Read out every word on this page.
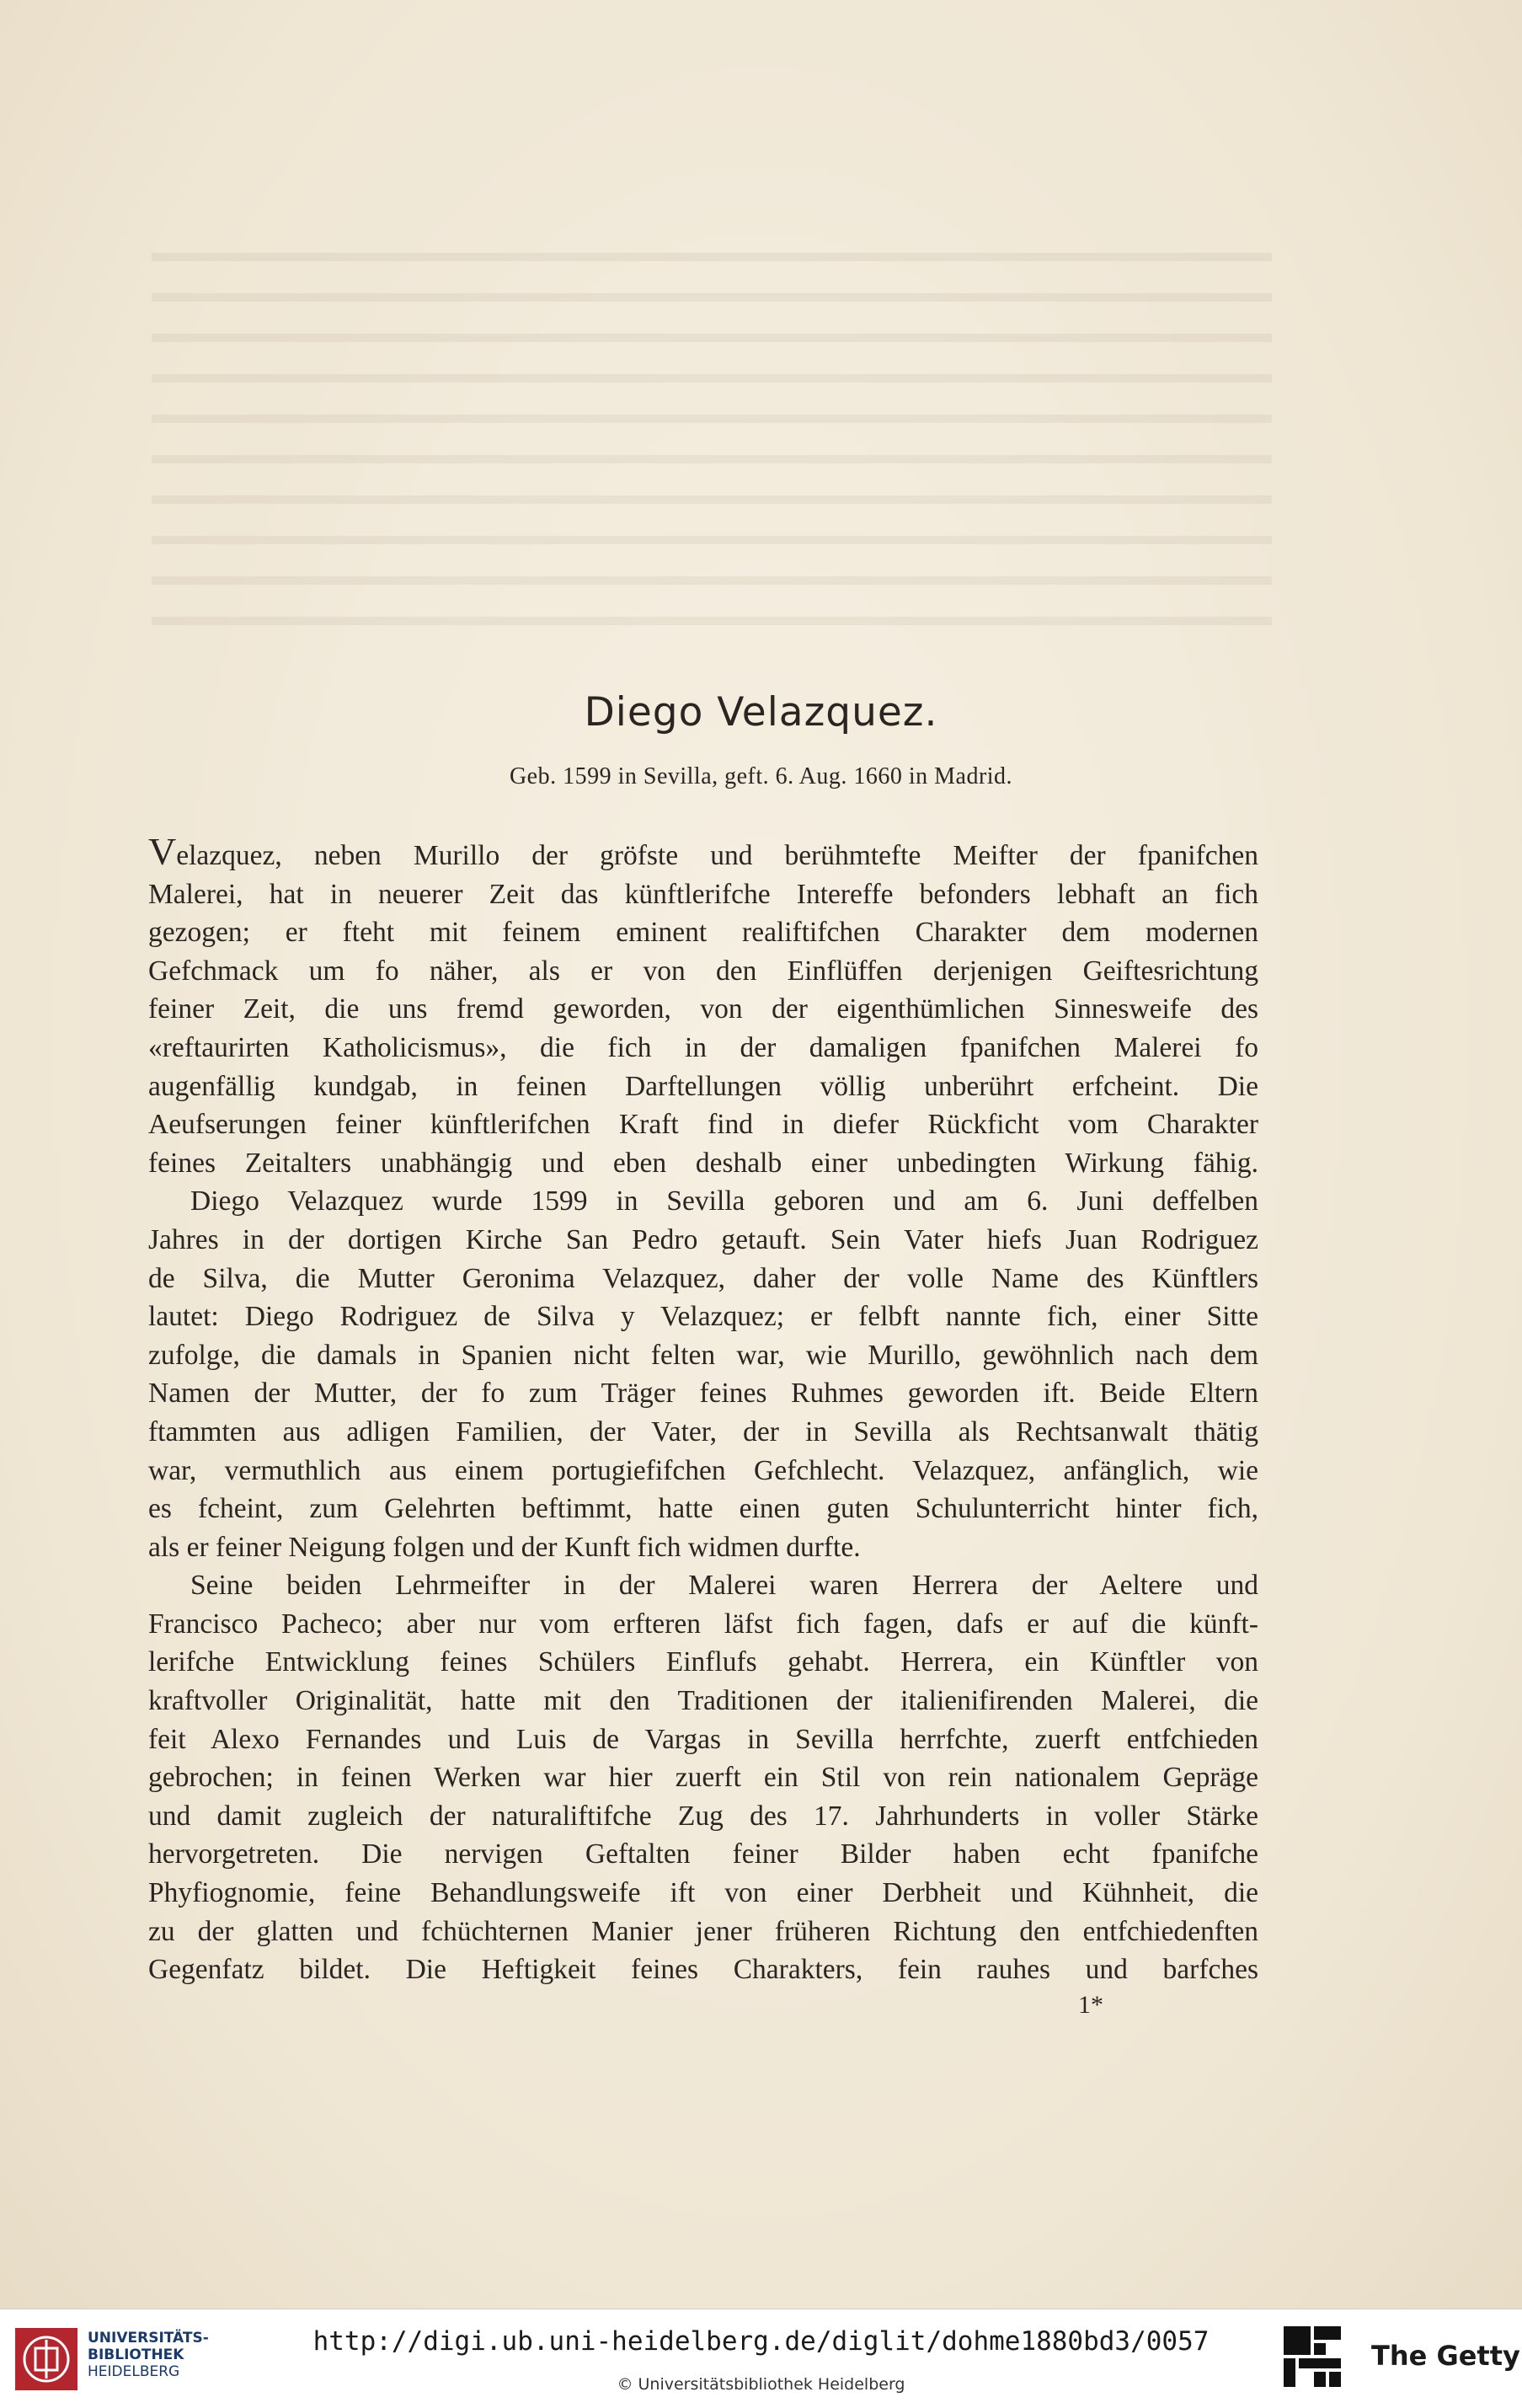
Diego Velazquez.
Geb. 1599 in Sevilla, geft. 6. Aug. 1660 in Madrid.

Velazquez, neben Murillo der gröfste und berühmtefte Meifter der fpanifchen
Malerei, hat in neuerer Zeit das künftlerifche Intereffe befonders lebhaft an fich
gezogen; er fteht mit feinem eminent realiftifchen Charakter dem modernen
Gefchmack um fo näher, als er von den Einflüffen derjenigen Geiftesrichtung
feiner Zeit, die uns fremd geworden, von der eigenthümlichen Sinnesweife des
«reftaurirten Katholicismus», die fich in der damaligen fpanifchen Malerei fo
augenfällig kundgab, in feinen Darftellungen völlig unberührt erfcheint. Die
Aeufserungen feiner künftlerifchen Kraft find in diefer Rückficht vom Charakter
feines Zeitalters unabhängig und eben deshalb einer unbedingten Wirkung fähig.

Diego Velazquez wurde 1599 in Sevilla geboren und am 6. Juni deffelben
Jahres in der dortigen Kirche San Pedro getauft. Sein Vater hiefs Juan Rodriguez
de Silva, die Mutter Geronima Velazquez, daher der volle Name des Künftlers
lautet: Diego Rodriguez de Silva y Velazquez; er felbft nannte fich, einer Sitte
zufolge, die damals in Spanien nicht felten war, wie Murillo, gewöhnlich nach dem
Namen der Mutter, der fo zum Träger feines Ruhmes geworden ift. Beide Eltern
ftammten aus adligen Familien, der Vater, der in Sevilla als Rechtsanwalt thätig
war, vermuthlich aus einem portugiefifchen Gefchlecht. Velazquez, anfänglich, wie
es fcheint, zum Gelehrten beftimmt, hatte einen guten Schulunterricht hinter fich,
als er feiner Neigung folgen und der Kunft fich widmen durfte.

Seine beiden Lehrmeifter in der Malerei waren Herrera der Aeltere und
Francisco Pacheco; aber nur vom erfteren läfst fich fagen, dafs er auf die künft-
lerifche Entwicklung feines Schülers Einflufs gehabt. Herrera, ein Künftler von
kraftvoller Originalität, hatte mit den Traditionen der italienifirenden Malerei, die
feit Alexo Fernandes und Luis de Vargas in Sevilla herrfchte, zuerft entfchieden
gebrochen; in feinen Werken war hier zuerft ein Stil von rein nationalem Gepräge
und damit zugleich der naturaliftifche Zug des 17. Jahrhunderts in voller Stärke
hervorgetreten. Die nervigen Geftalten feiner Bilder haben echt fpanifche
Phyfiognomie, feine Behandlungsweife ift von einer Derbheit und Kühnheit, die
zu der glatten und fchüchternen Manier jener früheren Richtung den entfchiedenften
Gegenfatz bildet. Die Heftigkeit feines Charakters, fein rauhes und barfches

1*
UNIVERSITÄTS-
BIBLIOTHEK
HEIDELBERG
http://digi.ub.uni-heidelberg.de/diglit/dohme1880bd3/0057
© Universitätsbibliothek Heidelberg
The Getty
